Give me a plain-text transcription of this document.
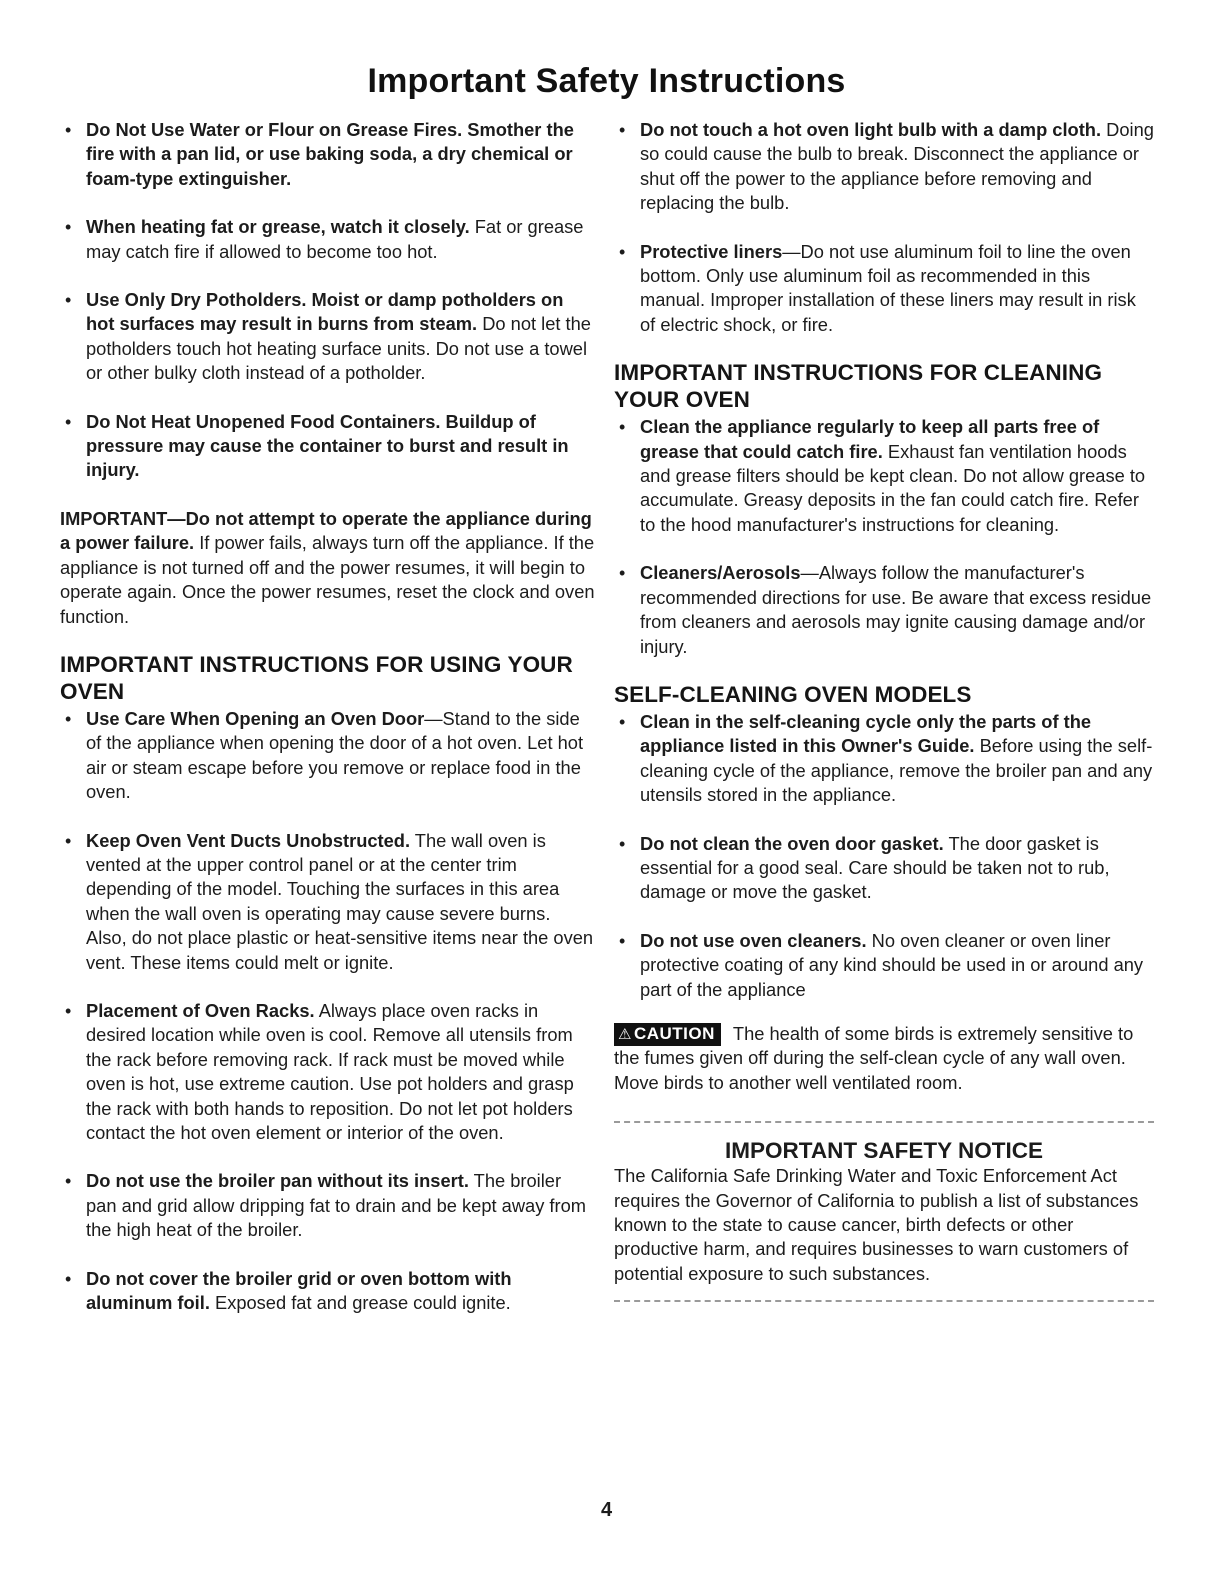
Important Safety Instructions
• Do Not Use Water or Flour on Grease Fires. Smother the fire with a pan lid, or use baking soda, a dry chemical or foam-type extinguisher.
• When heating fat or grease, watch it closely. Fat or grease may catch fire if allowed to become too hot.
• Use Only Dry Potholders. Moist or damp potholders on hot surfaces may result in burns from steam. Do not let the potholders touch hot heating surface units. Do not use a towel or other bulky cloth instead of a potholder.
• Do Not Heat Unopened Food Containers. Buildup of pressure may cause the container to burst and result in injury.
IMPORTANT—Do not attempt to operate the appliance during a power failure. If power fails, always turn off the appliance. If the appliance is not turned off and the power resumes, it will begin to operate again. Once the power resumes, reset the clock and oven function.
IMPORTANT INSTRUCTIONS FOR USING YOUR OVEN
• Use Care When Opening an Oven Door—Stand to the side of the appliance when opening the door of a hot oven. Let hot air or steam escape before you remove or replace food in the oven.
• Keep Oven Vent Ducts Unobstructed. The wall oven is vented at the upper control panel or at the center trim depending of the model. Touching the surfaces in this area when the wall oven is operating may cause severe burns. Also, do not place plastic or heat-sensitive items near the oven vent. These items could melt or ignite.
• Placement of Oven Racks. Always place oven racks in desired location while oven is cool. Remove all utensils from the rack before removing rack. If rack must be moved while oven is hot, use extreme caution. Use pot holders and grasp the rack with both hands to reposition. Do not let pot holders contact the hot oven element or interior of the oven.
• Do not use the broiler pan without its insert. The broiler pan and grid allow dripping fat to drain and be kept away from the high heat of the broiler.
• Do not cover the broiler grid or oven bottom with aluminum foil. Exposed fat and grease could ignite.
• Do not touch a hot oven light bulb with a damp cloth. Doing so could cause the bulb to break. Disconnect the appliance or shut off the power to the appliance before removing and replacing the bulb.
• Protective liners—Do not use aluminum foil to line the oven bottom. Only use aluminum foil as recommended in this manual. Improper installation of these liners may result in risk of electric shock, or fire.
IMPORTANT INSTRUCTIONS FOR CLEANING YOUR OVEN
• Clean the appliance regularly to keep all parts free of grease that could catch fire. Exhaust fan ventilation hoods and grease filters should be kept clean. Do not allow grease to accumulate. Greasy deposits in the fan could catch fire. Refer to the hood manufacturer's instructions for cleaning.
• Cleaners/Aerosols—Always follow the manufacturer's recommended directions for use. Be aware that excess residue from cleaners and aerosols may ignite causing damage and/or injury.
SELF-CLEANING OVEN MODELS
• Clean in the self-cleaning cycle only the parts of the appliance listed in this Owner's Guide. Before using the self-cleaning cycle of the appliance, remove the broiler pan and any utensils stored in the appliance.
• Do not clean the oven door gasket. The door gasket is essential for a good seal. Care should be taken not to rub, damage or move the gasket.
• Do not use oven cleaners. No oven cleaner or oven liner protective coating of any kind should be used in or around any part of the appliance
⚠ CAUTION The health of some birds is extremely sensitive to the fumes given off during the self-clean cycle of any wall oven. Move birds to another well ventilated room.
IMPORTANT SAFETY NOTICE
The California Safe Drinking Water and Toxic Enforcement Act requires the Governor of California to publish a list of substances known to the state to cause cancer, birth defects or other productive harm, and requires businesses to warn customers of potential exposure to such substances.
4
